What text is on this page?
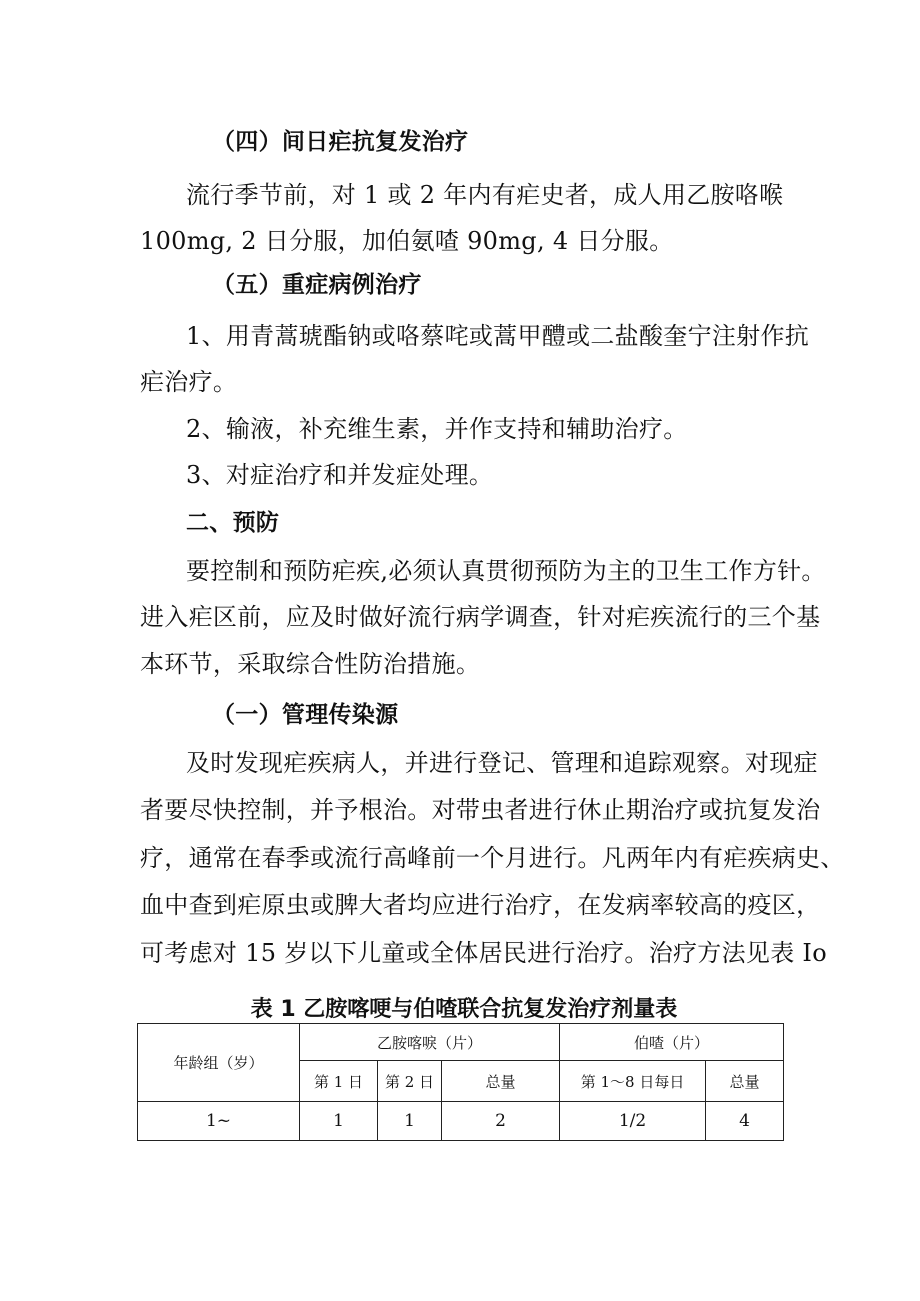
（四）间日疟抗复发治疗
流行季节前，对 1 或 2 年内有疟史者，成人用乙胺咯喉
100mg, 2 日分服，加伯氨喳 90mg, 4 日分服。
（五）重症病例治疗
1、用青蒿琥酯钠或咯蔡咤或蒿甲醴或二盐酸奎宁注射作抗
疟治疗。
2、输液，补充维生素，并作支持和辅助治疗。
3、对症治疗和并发症处理。
二、预防
要控制和预防疟疾,必须认真贯彻预防为主的卫生工作方针。
进入疟区前，应及时做好流行病学调查，针对疟疾流行的三个基
本环节，采取综合性防治措施。
（一）管理传染源
及时发现疟疾病人，并进行登记、管理和追踪观察。对现症
者要尽快控制，并予根治。对带虫者进行休止期治疗或抗复发治
疗，通常在春季或流行高峰前一个月进行。凡两年内有疟疾病史、
血中查到疟原虫或脾大者均应进行治疗，在发病率较高的疫区，
可考虑对 15 岁以下儿童或全体居民进行治疗。治疗方法见表 Io
表 1 乙胺喀哽与伯喳联合抗复发治疗剂量表
年龄组（岁）	乙胺喀唳（片）			伯喳（片）	
	第 1 日	第 2 日	总量	第 1～8 日每日	总量
1~	1	1	2	1/2	4
